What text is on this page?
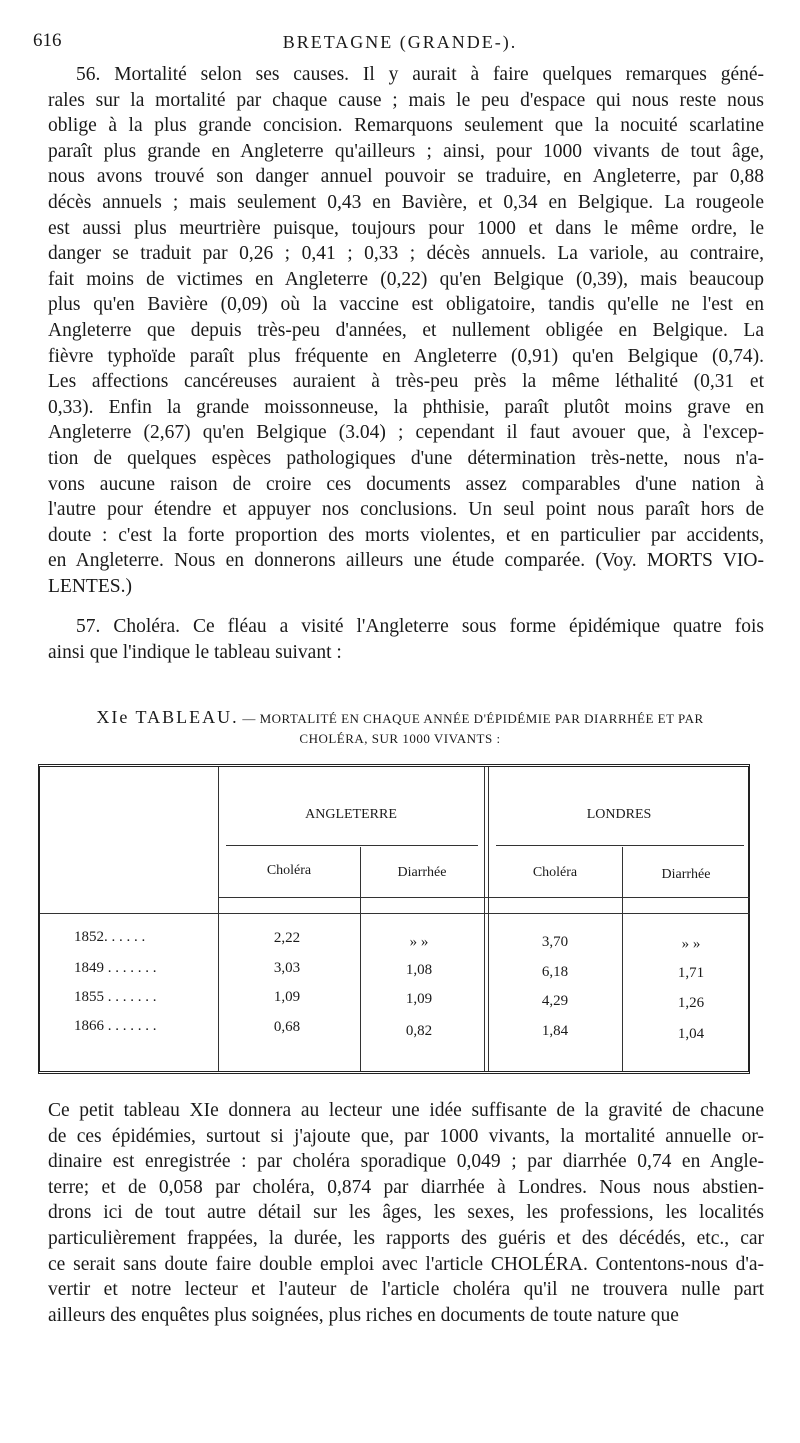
616	BRETAGNE (GRANDE-).
56. Mortalité selon ses causes. Il y aurait à faire quelques remarques géné-
rales sur la mortalité par chaque cause ; mais le peu d'espace qui nous reste nous
oblige à la plus grande concision. Remarquons seulement que la nocuité scarlatine
paraît plus grande en Angleterre qu'ailleurs ; ainsi, pour 1000 vivants de tout âge,
nous avons trouvé son danger annuel pouvoir se traduire, en Angleterre, par 0,88
décès annuels ; mais seulement 0,43 en Bavière, et 0,34 en Belgique. La rougeole
est aussi plus meurtrière puisque, toujours pour 1000 et dans le même ordre, le
danger se traduit par 0,26 ; 0,41 ; 0,33 ; décès annuels. La variole, au contraire,
fait moins de victimes en Angleterre (0,22) qu'en Belgique (0,39), mais beaucoup
plus qu'en Bavière (0,09) où la vaccine est obligatoire, tandis qu'elle ne l'est en
Angleterre que depuis très-peu d'années, et nullement obligée en Belgique. La
fièvre typhoïde paraît plus fréquente en Angleterre (0,91) qu'en Belgique (0,74).
Les affections cancéreuses auraient à très-peu près la même léthalité (0,31 et
0,33). Enfin la grande moissonneuse, la phthisie, paraît plutôt moins grave en
Angleterre (2,67) qu'en Belgique (3.04) ; cependant il faut avouer que, à l'excep-
tion de quelques espèces pathologiques d'une détermination très-nette, nous n'a-
vons aucune raison de croire ces documents assez comparables d'une nation à
l'autre pour étendre et appuyer nos conclusions. Un seul point nous paraît hors de
doute : c'est la forte proportion des morts violentes, et en particulier par accidents,
en Angleterre. Nous en donnerons ailleurs une étude comparée. (Voy. MORTS VIO-
LENTES.)
57. Choléra. Ce fléau a visité l'Angleterre sous forme épidémique quatre fois
ainsi que l'indique le tableau suivant :
XIe TABLEAU. — MORTALITÉ EN CHAQUE ANNÉE D'ÉPIDÉMIE PAR DIARRHÉE ET PAR
CHOLÉRA, SUR 1000 VIVANTS :
ANGLETERRE	LONDRES
Choléra	Diarrhée	Choléra	Diarrhée
1852. . . . . .	2,22	» »	3,70	» »
1849 . . . . . . .	3,03	1,08	6,18	1,71
1855 . . . . . . .	1,09	1,09	4,29	1,26
1866 . . . . . . .	0,68	0,82	1,84	1,04
Ce petit tableau XIe donnera au lecteur une idée suffisante de la gravité de chacune
de ces épidémies, surtout si j'ajoute que, par 1000 vivants, la mortalité annuelle or-
dinaire est enregistrée : par choléra sporadique 0,049 ; par diarrhée 0,74 en Angle-
terre; et de 0,058 par choléra, 0,874 par diarrhée à Londres. Nous nous abstien-
drons ici de tout autre détail sur les âges, les sexes, les professions, les localités
particulièrement frappées, la durée, les rapports des guéris et des décédés, etc., car
ce serait sans doute faire double emploi avec l'article CHOLÉRA. Contentons-nous d'a-
vertir et notre lecteur et l'auteur de l'article choléra qu'il ne trouvera nulle part
ailleurs des enquêtes plus soignées, plus riches en documents de toute nature que
